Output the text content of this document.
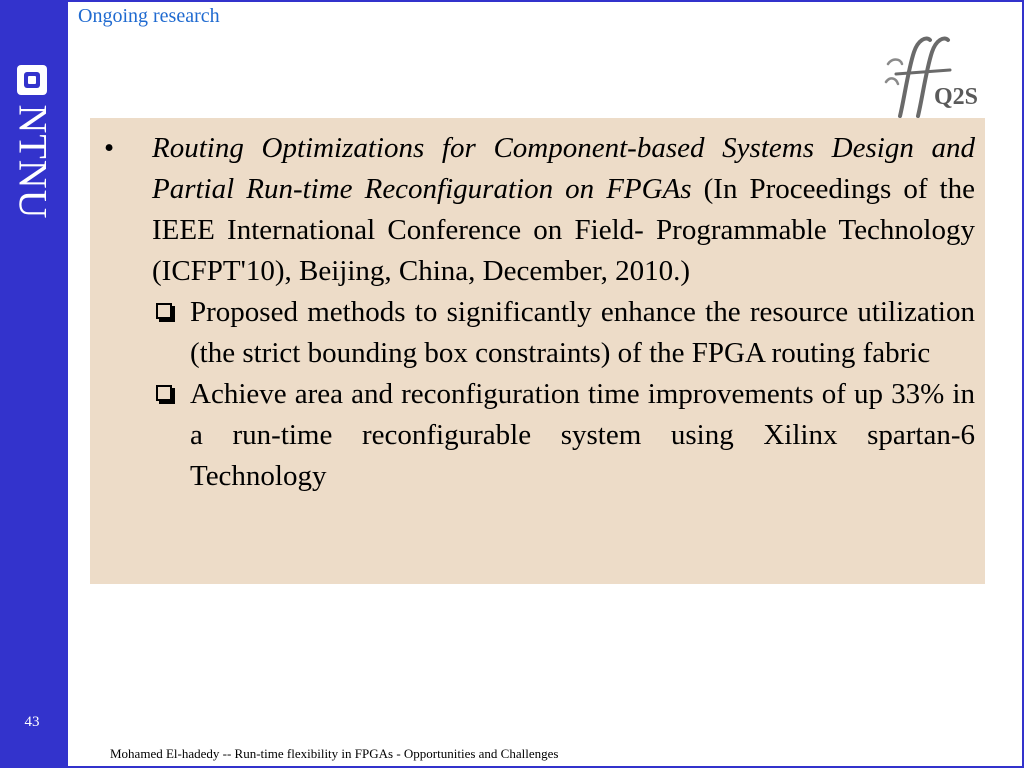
NTNU
43
Ongoing research
Q2S
• Routing Optimizations for Component-based Systems Design and Partial Run-time Reconfiguration on FPGAs (In Proceedings of the IEEE International Conference on Field- Programmable Technology (ICFPT'10), Beijing, China, December, 2010.)
Proposed methods to significantly enhance the resource utilization (the strict bounding box constraints) of the FPGA routing fabric
Achieve area and reconfiguration time improvements of up 33% in a run-time reconfigurable system using Xilinx spartan-6 Technology
Mohamed El-hadedy -- Run-time flexibility in FPGAs - Opportunities and Challenges
